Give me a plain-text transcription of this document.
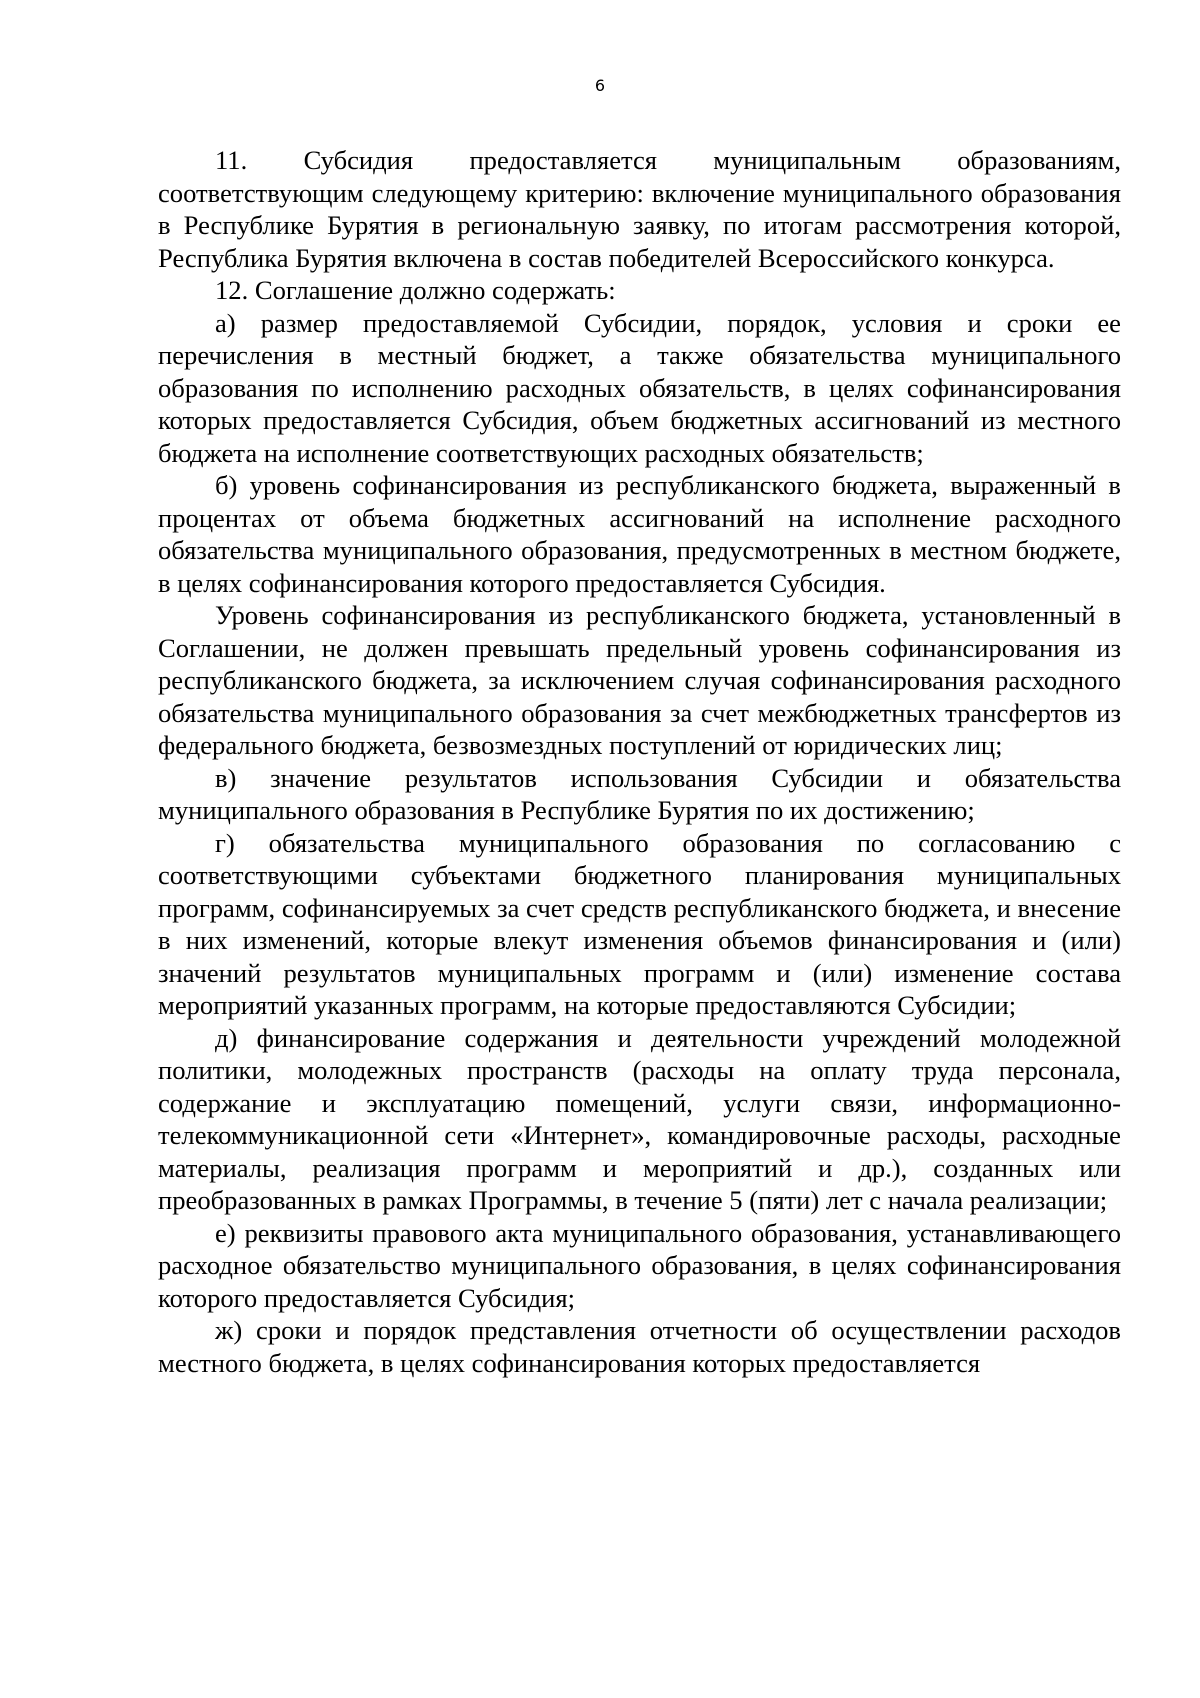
6

11. Субсидия предоставляется муниципальным образованиям, соответствующим следующему критерию: включение муниципального образования в Республике Бурятия в региональную заявку, по итогам рассмотрения которой, Республика Бурятия включена в состав победителей Всероссийского конкурса.

12. Соглашение должно содержать:

а) размер предоставляемой Субсидии, порядок, условия и сроки ее перечисления в местный бюджет, а также обязательства муниципального образования по исполнению расходных обязательств, в целях софинансирования которых предоставляется Субсидия, объем бюджетных ассигнований из местного бюджета на исполнение соответствующих расходных обязательств;

б) уровень софинансирования из республиканского бюджета, выраженный в процентах от объема бюджетных ассигнований на исполнение расходного обязательства муниципального образования, предусмотренных в местном бюджете, в целях софинансирования которого предоставляется Субсидия.

Уровень софинансирования из республиканского бюджета, установленный в Соглашении, не должен превышать предельный уровень софинансирования из республиканского бюджета, за исключением случая софинансирования расходного обязательства муниципального образования за счет межбюджетных трансфертов из федерального бюджета, безвозмездных поступлений от юридических лиц;

в) значение результатов использования Субсидии и обязательства муниципального образования в Республике Бурятия по их достижению;

г) обязательства муниципального образования по согласованию с соответствующими субъектами бюджетного планирования муниципальных программ, софинансируемых за счет средств республиканского бюджета, и внесение в них изменений, которые влекут изменения объемов финансирования и (или) значений результатов муниципальных программ и (или) изменение состава мероприятий указанных программ, на которые предоставляются Субсидии;

д) финансирование содержания и деятельности учреждений молодежной политики, молодежных пространств (расходы на оплату труда персонала, содержание и эксплуатацию помещений, услуги связи, информационно-телекоммуникационной сети «Интернет», командировочные расходы, расходные материалы, реализация программ и мероприятий и др.), созданных или преобразованных в рамках Программы, в течение 5 (пяти) лет с начала реализации;

е) реквизиты правового акта муниципального образования, устанавливающего расходное обязательство муниципального образования, в целях софинансирования которого предоставляется Субсидия;

ж) сроки и порядок представления отчетности об осуществлении расходов местного бюджета, в целях софинансирования которых предоставляется
